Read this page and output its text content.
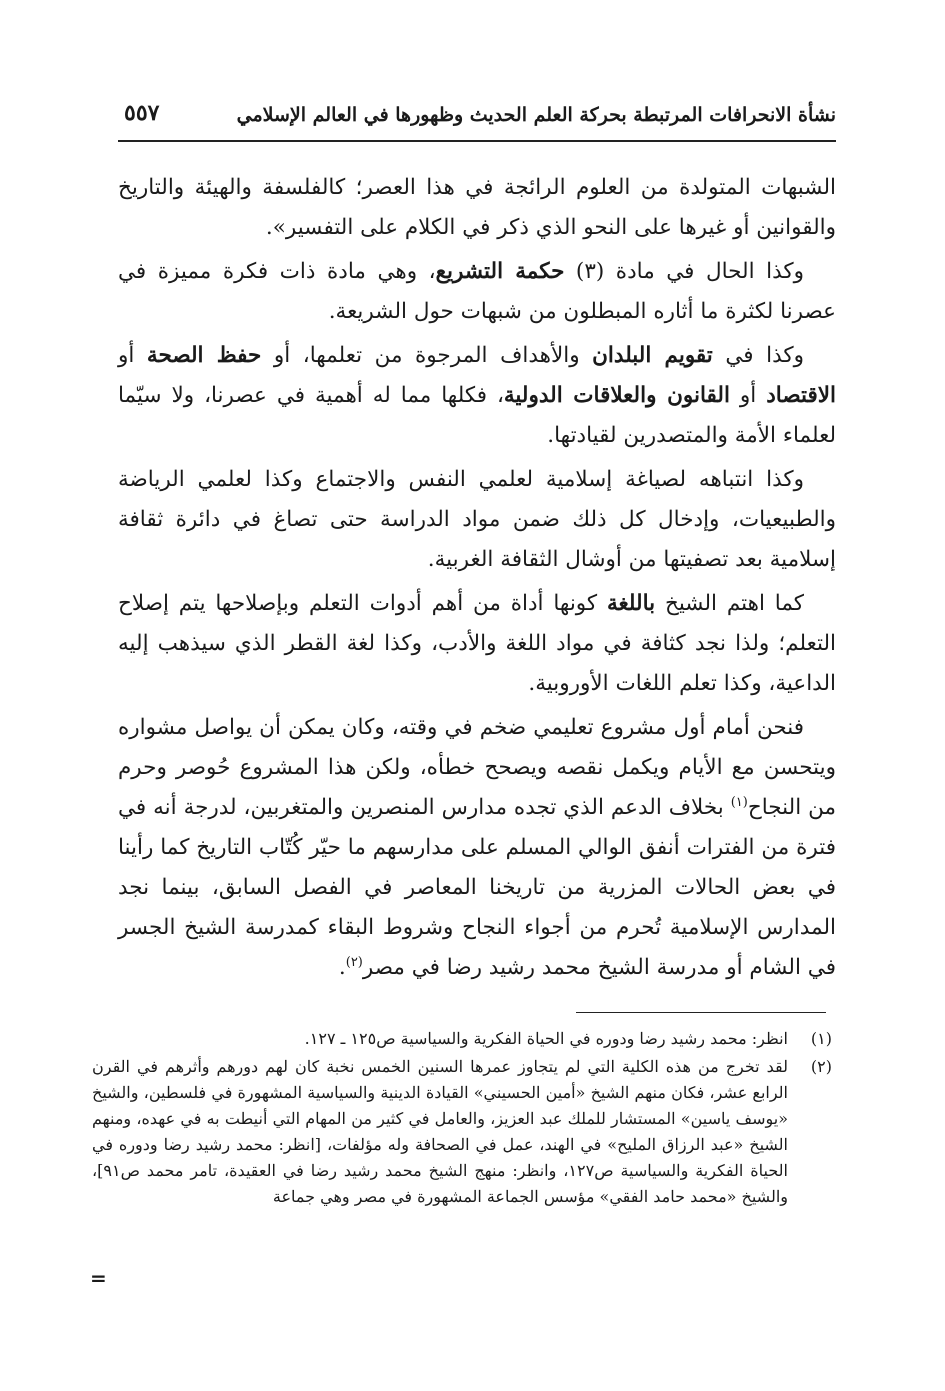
نشأة الانحرافات المرتبطة بحركة العلم الحديث وظهورها في العالم الإسلامي
٥٥٧

الشبهات المتولدة من العلوم الرائجة في هذا العصر؛ كالفلسفة والهيئة والتاريخ والقوانين أو غيرها على النحو الذي ذكر في الكلام على التفسير».

وكذا الحال في مادة (٣) حكمة التشريع، وهي مادة ذات فكرة مميزة في عصرنا لكثرة ما أثاره المبطلون من شبهات حول الشريعة.

وكذا في تقويم البلدان والأهداف المرجوة من تعلمها، أو حفظ الصحة أو الاقتصاد أو القانون والعلاقات الدولية، فكلها مما له أهمية في عصرنا، ولا سيّما لعلماء الأمة والمتصدرين لقيادتها.

وكذا انتباهه لصياغة إسلامية لعلمي النفس والاجتماع وكذا لعلمي الرياضة والطبيعيات، وإدخال كل ذلك ضمن مواد الدراسة حتى تصاغ في دائرة ثقافة إسلامية بعد تصفيتها من أوشال الثقافة الغربية.

كما اهتم الشيخ باللغة كونها أداة من أهم أدوات التعلم وبإصلاحها يتم إصلاح التعلم؛ ولذا نجد كثافة في مواد اللغة والأدب، وكذا لغة القطر الذي سيذهب إليه الداعية، وكذا تعلم اللغات الأوروبية.

فنحن أمام أول مشروع تعليمي ضخم في وقته، وكان يمكن أن يواصل مشواره ويتحسن مع الأيام ويكمل نقصه ويصحح خطأه، ولكن هذا المشروع حُوصر وحرم من النجاح$^{(١)}$ بخلاف الدعم الذي تجده مدارس المنصرين والمتغربين، لدرجة أنه في فترة من الفترات أنفق الوالي المسلم على مدارسهم ما حيّر كُتّاب التاريخ كما رأينا في بعض الحالات المزرية من تاريخنا المعاصر في الفصل السابق، بينما نجد المدارس الإسلامية تُحرم من أجواء النجاح وشروط البقاء كمدرسة الشيخ الجسر في الشام أو مدرسة الشيخ محمد رشيد رضا في مصر$^{(٢)}$.

(١)
انظر: محمد رشيد رضا ودوره في الحياة الفكرية والسياسية ص١٢٥ ـ ١٢٧.
(٢)
لقد تخرج من هذه الكلية التي لم يتجاوز عمرها السنين الخمس نخبة كان لهم دورهم وأثرهم في القرن الرابع عشر، فكان منهم الشيخ «أمين الحسيني» القيادة الدينية والسياسية المشهورة في فلسطين، والشيخ «يوسف ياسين» المستشار للملك عبد العزيز، والعامل في كثير من المهام التي أنيطت به في عهده، ومنهم الشيخ «عبد الرزاق المليح» في الهند، عمل في الصحافة وله مؤلفات، [انظر: محمد رشيد رضا ودوره في الحياة الفكرية والسياسية ص١٢٧، وانظر: منهج الشيخ محمد رشيد رضا في العقيدة، تامر محمد ص٩١]، والشيخ «محمد حامد الفقي» مؤسس الجماعة المشهورة في مصر وهي جماعة
=
